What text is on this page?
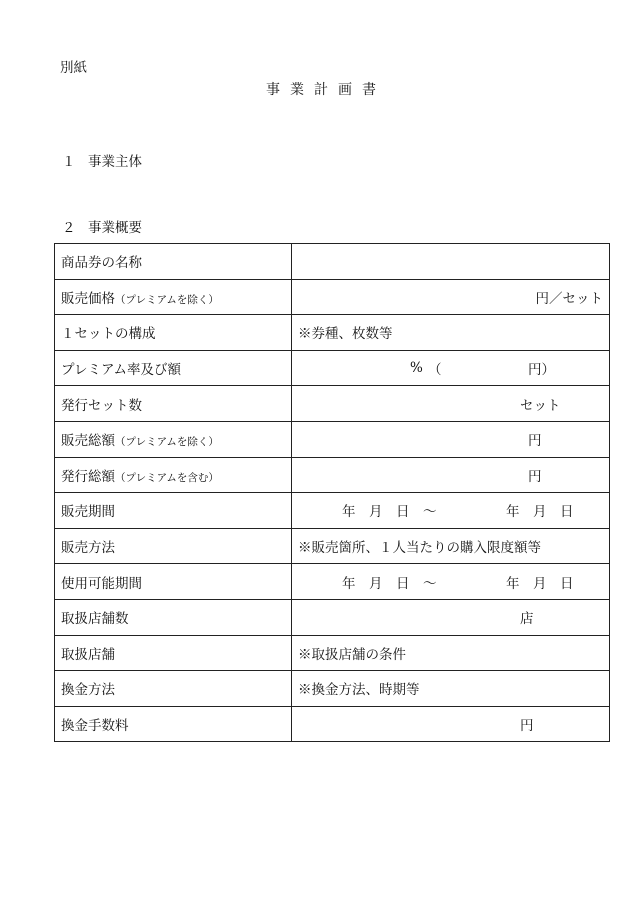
別紙
事業計画書
１ 事業主体
２ 事業概要
商品券の名称	
販売価格（プレミアムを除く）	円／セット

１セットの構成	※券種、枚数等

プレミアム率及び額	% （ 円）

発行セット数	セット

販売総額（プレミアムを除く）	円

発行総額（プレミアムを含む）	円

販売期間	年　月　日　～ 年　月　日

販売方法	※販売箇所、１人当たりの購入限度額等

使用可能期間	年　月　日　～ 年　月　日

取扱店舗数	店

取扱店舗	※取扱店舗の条件

換金方法	※換金方法、時期等

換金手数料	円
